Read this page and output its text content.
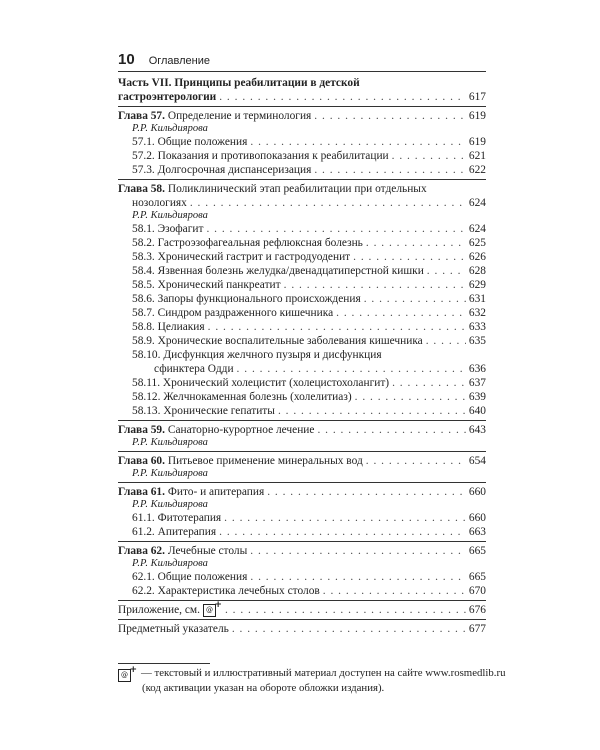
10 Оглавление
Часть VII. Принципы реабилитации в детской
гастроэнтерологии . . .	617
Глава 57. Определение и терминология . . .	619
Р.Р. Кильдиярова
57.1. Общие положения . . .	619
57.2. Показания и противопоказания к реабилитации . . .	621
57.3. Долгосрочная диспансеризация . . .	622
Глава 58. Поликлинический этап реабилитации при отдельных
нозологиях . . .	624
Р.Р. Кильдиярова
58.1. Эзофагит . . .	624
58.2. Гастроэзофагеальная рефлюксная болезнь . . .	625
58.3. Хронический гастрит и гастродуоденит . . .	626
58.4. Язвенная болезнь желудка/двенадцатиперстной кишки . . .	628
58.5. Хронический панкреатит . . .	629
58.6. Запоры функционального происхождения . . .	631
58.7. Синдром раздраженного кишечника . . .	632
58.8. Целиакия . . .	633
58.9. Хронические воспалительные заболевания кишечника . . .	635
58.10. Дисфункция желчного пузыря и дисфункция
сфинктера Одди . . .	636
58.11. Хронический холецистит (холецистохолангит) . . .	637
58.12. Желчнокаменная болезнь (холелитиаз) . . .	639
58.13. Хронические гепатиты . . .	640
Глава 59. Санаторно-курортное лечение . . .	643
Р.Р. Кильдиярова
Глава 60. Питьевое применение минеральных вод . . .	654
Р.Р. Кильдиярова
Глава 61. Фито- и апитерапия . . .	660
Р.Р. Кильдиярова
61.1. Фитотерапия . . .	660
61.2. Апитерапия . . .	663
Глава 62. Лечебные столы . . .	665
Р.Р. Кильдиярова
62.1. Общие положения . . .	665
62.2. Характеристика лечебных столов . . .	670
Приложение, см. @ + . . .	676
Предметный указатель . . .	677
@ + — текстовый и иллюстративный материал доступен на сайте www.rosmedlib.ru
(код активации указан на обороте обложки издания).
